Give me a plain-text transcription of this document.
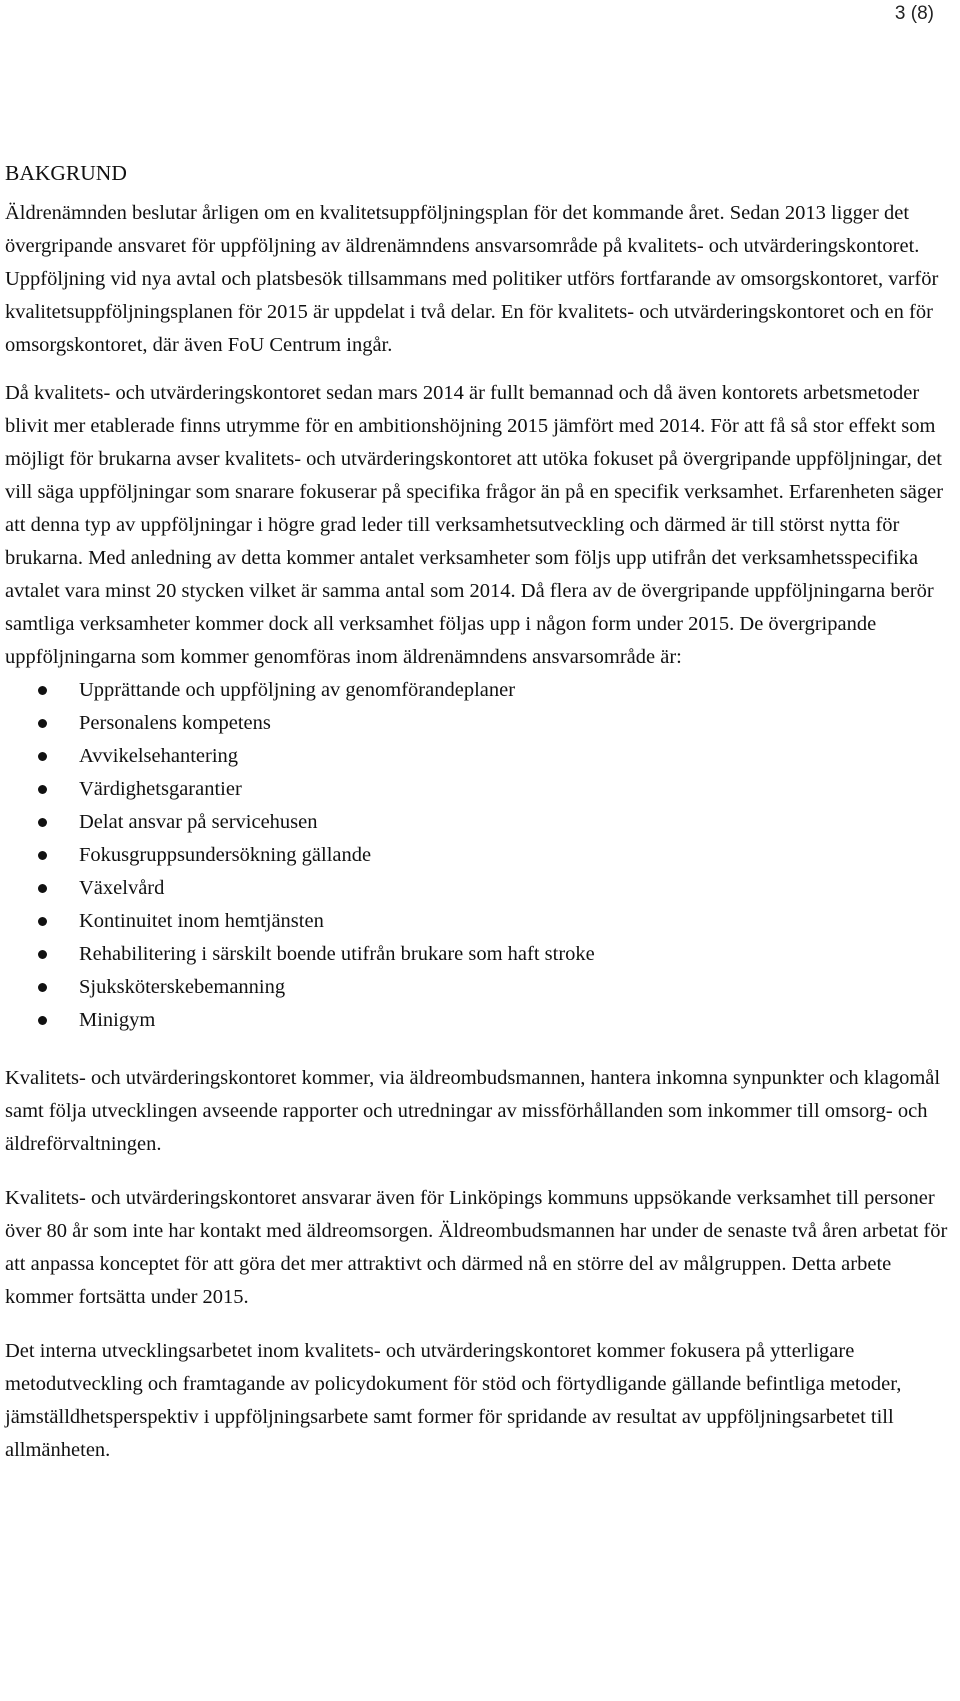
3 (8)
BAKGRUND

Äldrenämnden beslutar årligen om en kvalitetsuppföljningsplan för det kommande året. Sedan 2013 ligger det övergripande ansvaret för uppföljning av äldrenämndens ansvarsområde på kvalitets- och utvärderingskontoret. Uppföljning vid nya avtal och platsbesök tillsammans med politiker utförs fortfarande av omsorgskontoret, varför kvalitetsuppföljningsplanen för 2015 är uppdelat i två delar. En för kvalitets- och utvärderingskontoret och en för omsorgskontoret, där även FoU Centrum ingår.

Då kvalitets- och utvärderingskontoret sedan mars 2014 är fullt bemannad och då även kontorets arbetsmetoder blivit mer etablerade finns utrymme för en ambitionshöjning 2015 jämfört med 2014. För att få så stor effekt som möjligt för brukarna avser kvalitets- och utvärderingskontoret att utöka fokuset på övergripande uppföljningar, det vill säga uppföljningar som snarare fokuserar på specifika frågor än på en specifik verksamhet. Erfarenheten säger att denna typ av uppföljningar i högre grad leder till verksamhetsutveckling och därmed är till störst nytta för brukarna. Med anledning av detta kommer antalet verksamheter som följs upp utifrån det verksamhetsspecifika avtalet vara minst 20 stycken vilket är samma antal som 2014. Då flera av de övergripande uppföljningarna berör samtliga verksamheter kommer dock all verksamhet följas upp i någon form under 2015. De övergripande uppföljningarna som kommer genomföras inom äldrenämndens ansvarsområde är:

Upprättande och uppföljning av genomförandeplaner
Personalens kompetens
Avvikelsehantering
Värdighetsgarantier
Delat ansvar på servicehusen
Fokusgruppsundersökning gällande
Växelvård
Kontinuitet inom hemtjänsten
Rehabilitering i särskilt boende utifrån brukare som haft stroke
Sjuksköterskebemanning
Minigym

Kvalitets- och utvärderingskontoret kommer, via äldreombudsmannen, hantera inkomna synpunkter och klagomål samt följa utvecklingen avseende rapporter och utredningar av missförhållanden som inkommer till omsorg- och äldreförvaltningen.

Kvalitets- och utvärderingskontoret ansvarar även för Linköpings kommuns uppsökande verksamhet till personer över 80 år som inte har kontakt med äldreomsorgen. Äldreombudsmannen har under de senaste två åren arbetat för att anpassa konceptet för att göra det mer attraktivt och därmed nå en större del av målgruppen. Detta arbete kommer fortsätta under 2015.

Det interna utvecklingsarbetet inom kvalitets- och utvärderingskontoret kommer fokusera på ytterligare metodutveckling och framtagande av policydokument för stöd och förtydligande gällande befintliga metoder, jämställdhetsperspektiv i uppföljningsarbete samt former för spridande av resultat av uppföljningsarbetet till allmänheten.
